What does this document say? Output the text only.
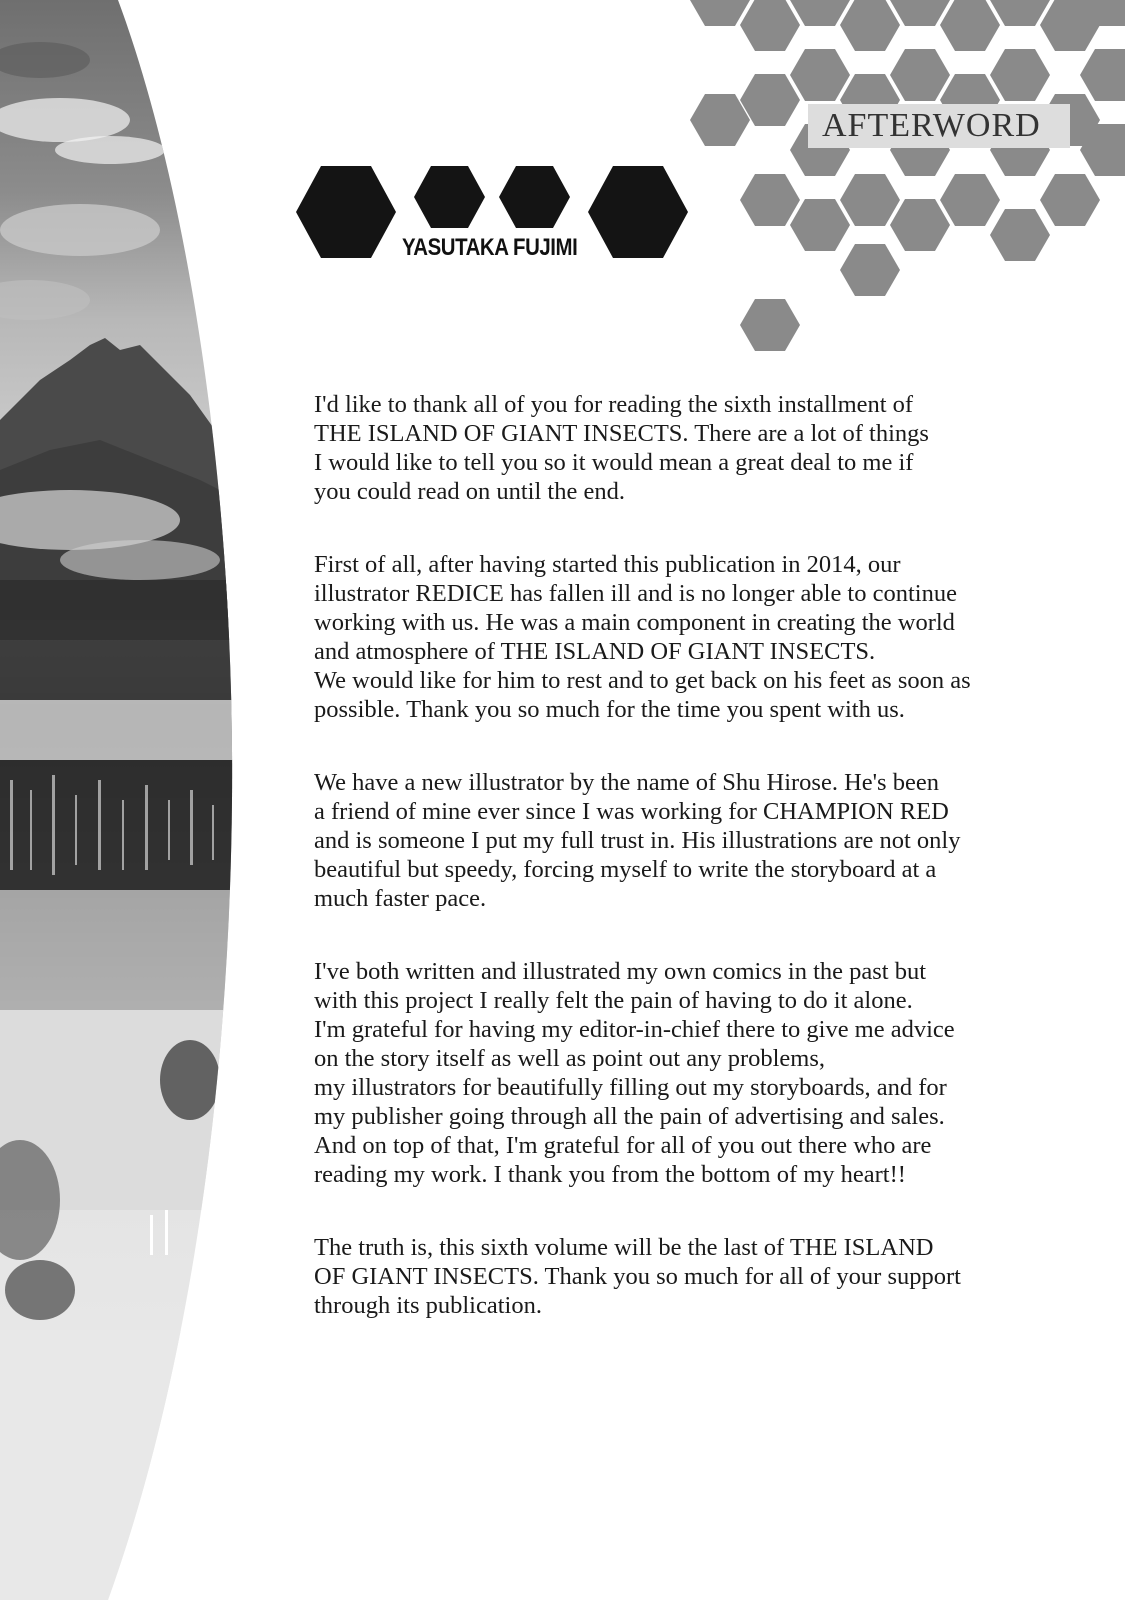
AFTERWORD
YASUTAKA FUJIMI

I'd like to thank all of you for reading the sixth installment of
THE ISLAND OF GIANT INSECTS. There are a lot of things
I would like to tell you so it would mean a great deal to me if
you could read on until the end.

First of all, after having started this publication in 2014, our
illustrator REDICE has fallen ill and is no longer able to continue
working with us. He was a main component in creating the world
and atmosphere of THE ISLAND OF GIANT INSECTS.
We would like for him to rest and to get back on his feet as soon as
possible. Thank you so much for the time you spent with us.

We have a new illustrator by the name of Shu Hirose. He's been
a friend of mine ever since I was working for CHAMPION RED
and is someone I put my full trust in. His illustrations are not only
beautiful but speedy, forcing myself to write the storyboard at a
much faster pace.

I've both written and illustrated my own comics in the past but
with this project I really felt the pain of having to do it alone.
I'm grateful for having my editor-in-chief there to give me advice
on the story itself as well as point out any problems,
my illustrators for beautifully filling out my storyboards, and for
my publisher going through all the pain of advertising and sales.
And on top of that, I'm grateful for all of you out there who are
reading my work. I thank you from the bottom of my heart!!

The truth is, this sixth volume will be the last of THE ISLAND
OF GIANT INSECTS. Thank you so much for all of your support
through its publication.
